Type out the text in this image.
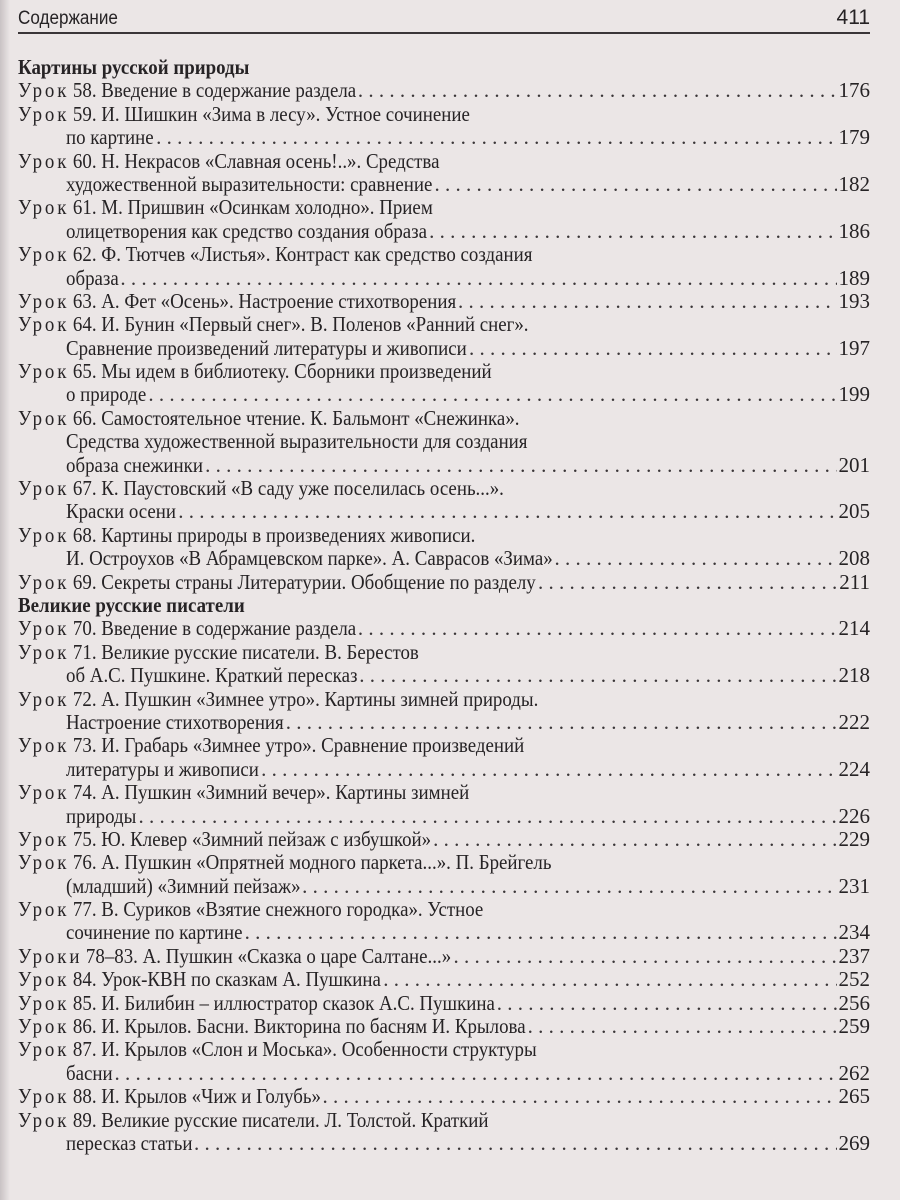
Содержание	411
Картины русской природы
Урок 58. Введение в содержание раздела . . .	176
Урок 59. И. Шишкин «Зима в лесу». Устное сочинение
по картине . . .	179
Урок 60. Н. Некрасов «Славная осень!..». Средства
художественной выразительности: сравнение . . .	182
Урок 61. М. Пришвин «Осинкам холодно». Прием
олицетворения как средство создания образа . . .	186
Урок 62. Ф. Тютчев «Листья». Контраст как средство создания
образа . . .	189
Урок 63. А. Фет «Осень». Настроение стихотворения . . .	193
Урок 64. И. Бунин «Первый снег». В. Поленов «Ранний снег».
Сравнение произведений литературы и живописи . . .	197
Урок 65. Мы идем в библиотеку. Сборники произведений
о природе . . .	199
Урок 66. Самостоятельное чтение. К. Бальмонт «Снежинка».
Средства художественной выразительности для создания
образа снежинки . . .	201
Урок 67. К. Паустовский «В саду уже поселилась осень...».
Краски осени . . .	205
Урок 68. Картины природы в произведениях живописи.
И. Остроухов «В Абрамцевском парке». А. Саврасов «Зима» . . .	208
Урок 69. Секреты страны Литературии. Обобщение по разделу . . .	211
Великие русские писатели
Урок 70. Введение в содержание раздела . . .	214
Урок 71. Великие русские писатели. В. Берестов
об А.С. Пушкине. Краткий пересказ . . .	218
Урок 72. А. Пушкин «Зимнее утро». Картины зимней природы.
Настроение стихотворения . . .	222
Урок 73. И. Грабарь «Зимнее утро». Сравнение произведений
литературы и живописи . . .	224
Урок 74. А. Пушкин «Зимний вечер». Картины зимней
природы . . .	226
Урок 75. Ю. Клевер «Зимний пейзаж с избушкой» . . .	229
Урок 76. А. Пушкин «Опрятней модного паркета...». П. Брейгель
(младший) «Зимний пейзаж» . . .	231
Урок 77. В. Суриков «Взятие снежного городка». Устное
сочинение по картине . . .	234
Уроки 78–83. А. Пушкин «Сказка о царе Салтане...» . . .	237
Урок 84. Урок-КВН по сказкам А. Пушкина . . .	252
Урок 85. И. Билибин – иллюстратор сказок А.С. Пушкина . . .	256
Урок 86. И. Крылов. Басни. Викторина по басням И. Крылова . . .	259
Урок 87. И. Крылов «Слон и Моська». Особенности структуры
басни . . .	262
Урок 88. И. Крылов «Чиж и Голубь» . . .	265
Урок 89. Великие русские писатели. Л. Толстой. Краткий
пересказ статьи . . .	269
